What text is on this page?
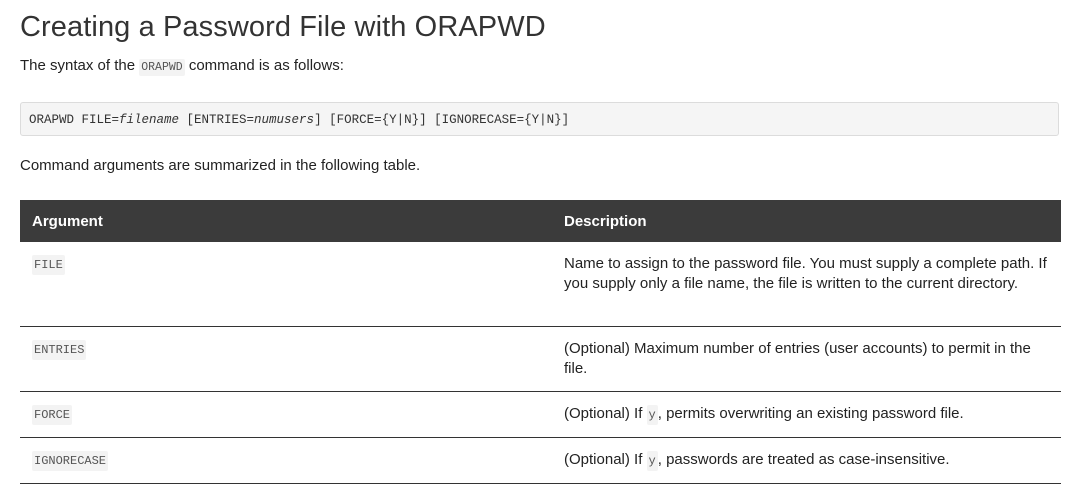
Creating a Password File with ORAPWD

The syntax of the ORAPWD command is as follows:

ORAPWD FILE=filename [ENTRIES=numusers] [FORCE={Y|N}] [IGNORECASE={Y|N}]

Command arguments are summarized in the following table.

Argument	Description
FILE	Name to assign to the password file. You must supply a complete path. If you supply only a file name, the file is written to the current directory.
ENTRIES	(Optional) Maximum number of entries (user accounts) to permit in the file.
FORCE	(Optional) If y , permits overwriting an existing password file.
IGNORECASE	(Optional) If y , passwords are treated as case-insensitive.
